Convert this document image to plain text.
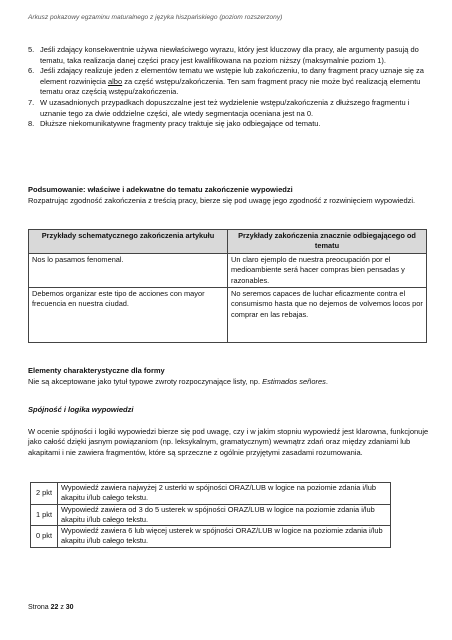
Arkusz pokazowy egzaminu maturalnego z języka hiszpańskiego (poziom rozszerzony)
5. Jeśli zdający konsekwentnie używa niewłaściwego wyrazu, który jest kluczowy dla pracy, ale argumenty pasują do tematu, taka realizacja danej części pracy jest kwalifikowana na poziom niższy (maksymalnie poziom 1).
6. Jeśli zdający realizuje jeden z elementów tematu we wstępie lub zakończeniu, to dany fragment pracy uznaje się za element rozwinięcia albo za część wstępu/zakończenia. Ten sam fragment pracy nie może być realizacją elementu tematu oraz częścią wstępu/zakończenia.
7. W uzasadnionych przypadkach dopuszczalne jest też wydzielenie wstępu/zakończenia z dłuższego fragmentu i uznanie tego za dwie oddzielne części, ale wtedy segmentacja oceniana jest na 0.
8. Dłuższe niekomunikatywne fragmenty pracy traktuje się jako odbiegające od tematu.
Podsumowanie: właściwe i adekwatne do tematu zakończenie wypowiedzi
Rozpatrując zgodność zakończenia z treścią pracy, bierze się pod uwagę jego zgodność z rozwinięciem wypowiedzi.
Przykłady schematycznego zakończenia artykułu	Przykłady zakończenia znacznie odbiegającego od tematu
Nos lo pasamos fenomenal.	Un claro ejemplo de nuestra preocupación por el medioambiente será hacer compras bien pensadas y razonables.
Debemos organizar este tipo de acciones con mayor frecuencia en nuestra ciudad.	No seremos capaces de luchar eficazmente contra el consumismo hasta que no dejemos de volvemos locos por comprar en las rebajas.
Elementy charakterystyczne dla formy
Nie są akceptowane jako tytuł typowe zwroty rozpoczynające listy, np. Estimados señores.
Spójność i logika wypowiedzi
W ocenie spójności i logiki wypowiedzi bierze się pod uwagę, czy i w jakim stopniu wypowiedź jest klarowna, funkcjonuje jako całość dzięki jasnym powiązaniom (np. leksykalnym, gramatycznym) wewnątrz zdań oraz między zdaniami lub akapitami i nie zawiera fragmentów, które są sprzeczne z ogólnie przyjętymi zasadami rozumowania.
2 pkt	Wypowiedź zawiera najwyżej 2 usterki w spójności ORAZ/LUB w logice na poziomie zdania i/lub akapitu i/lub całego tekstu.
1 pkt	Wypowiedź zawiera od 3 do 5 usterek w spójności ORAZ/LUB w logice na poziomie zdania i/lub akapitu i/lub całego tekstu.
0 pkt	Wypowiedź zawiera 6 lub więcej usterek w spójności ORAZ/LUB w logice na poziomie zdania i/lub akapitu i/lub całego tekstu.
Strona 22 z 30
